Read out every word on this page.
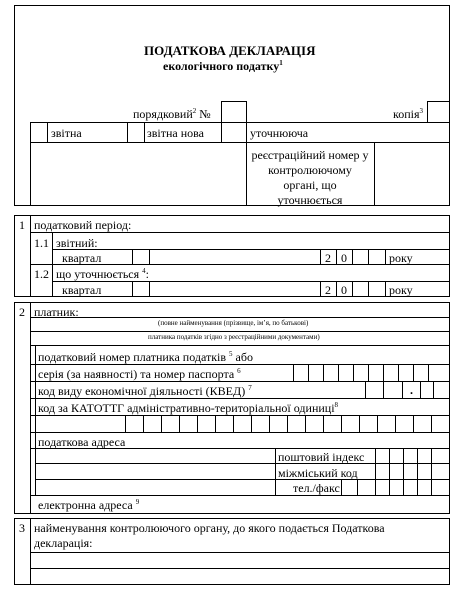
ПОДАТКОВА ДЕКЛАРАЦІЯ
екологічного податку$^1$
порядковий$^2$ №	копія$^3$
звітна	звітна нова	уточнююча
реєстраційний номер у
контролюючому
органі, що
уточнюється
1 податковий період:
1.1 звітний:
квартал	2 0	року
1.2 що уточнюється $^4$:
квартал	2 0	року
2 платник:
(повне найменування (прізвище, ім’я, по батькові)
платника податків згідно з реєстраційними документами)
податковий номер платника податків $^5$ або
серія (за наявності) та номер паспорта $^6$
код виду економічної діяльності (КВЕД) $^7$	.
код за КАТОТТГ адміністративно-територіальної одиниці$^8$
податкова адреса
поштовий індекс
міжміський код
тел./факс
електронна адреса $^9$
3 найменування контролюючого органу, до якого подається Податкова
декларація:
